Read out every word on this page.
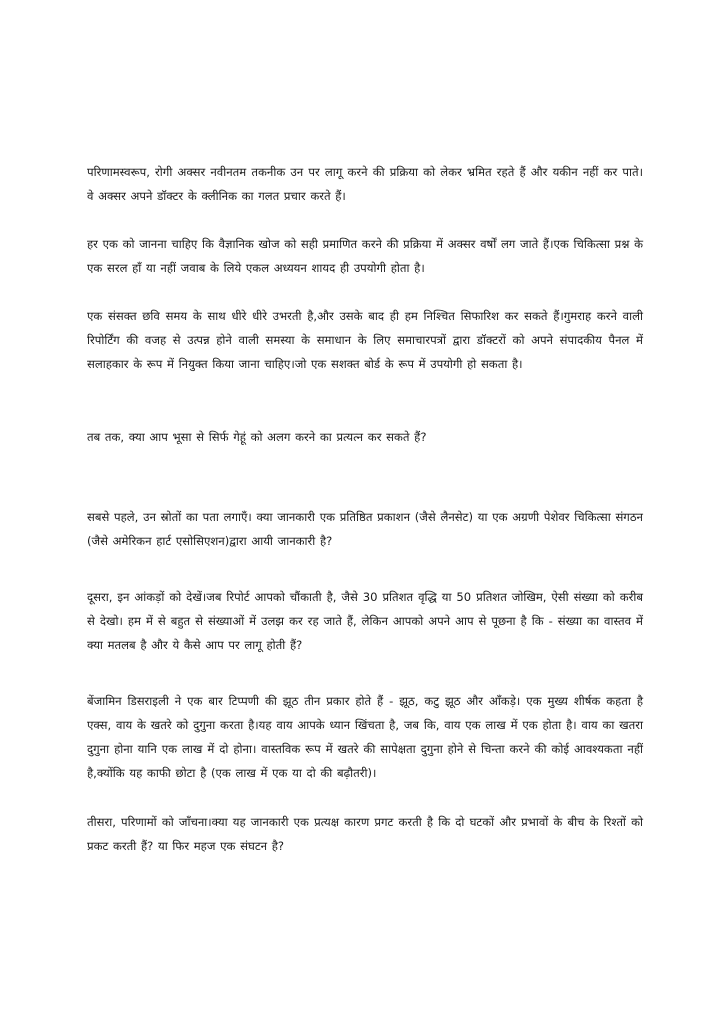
परिणामस्वरूप, रोगी अक्सर नवीनतम तकनीक उन पर लागू करने की प्रक्रिया को लेकर भ्रमित रहते हैं और यकीन नहीं कर पाते। वे अक्सर अपने डॉक्टर के क्लीनिक का गलत प्रचार करते हैं।

हर एक को जानना चाहिए कि वैज्ञानिक खोज को सही प्रमाणित करने की प्रक्रिया में अक्सर वर्षों लग जाते हैं।एक चिकित्सा प्रश्न के एक सरल हाँ या नहीं जवाब के लिये एकल अध्ययन शायद ही उपयोगी होता है।

एक संसक्त छवि समय के साथ धीरे धीरे उभरती है,और उसके बाद ही हम निश्चित सिफारिश कर सकते हैं।गुमराह करने वाली रिपोर्टिंग की वजह से उत्पन्न होने वाली समस्या के समाधान के लिए समाचारपत्रों द्वारा डॉक्टरों को अपने संपादकीय पैनल में सलाहकार के रूप में नियुक्त किया जाना चाहिए।जो एक सशक्त बोर्ड के रूप में उपयोगी हो सकता है।

तब तक, क्या आप भूसा से सिर्फ गेहूं को अलग करने का प्रत्यत्न कर सकते हैं?

सबसे पहले, उन स्रोतों का पता लगाएँ। क्या जानकारी एक प्रतिष्ठित प्रकाशन (जैसे लैनसेट) या एक अग्रणी पेशेवर चिकित्सा संगठन (जैसे अमेरिकन हार्ट एसोसिएशन)द्वारा आयी जानकारी है?

दूसरा, इन आंकड़ों को देखें।जब रिपोर्ट आपको चौंकाती है, जैसे 30 प्रतिशत वृद्धि या 50 प्रतिशत जोखिम, ऐसी संख्या को करीब से देखो। हम में से बहुत से संख्याओं में उलझ कर रह जाते हैं, लेकिन आपको अपने आप से पूछना है कि - संख्या का वास्तव में क्या मतलब है और ये कैसे आप पर लागू होती हैं?

बेंजामिन डिसराइली ने एक बार टिप्पणी की झूठ तीन प्रकार होते हैं - झूठ, कटु झूठ और आँकड़े। एक मुख्य शीर्षक कहता है एक्स, वाय के खतरे को दुगुना करता है।यह वाय आपके ध्यान खिंचता है, जब कि, वाय एक लाख में एक होता है। वाय का खतरा दुगुना होना यानि एक लाख में दो होना। वास्तविक रूप में खतरे की सापेक्षता दुगुना होने से चिन्ता करने की कोई आवश्यकता नहीं है,क्योंकि यह काफी छोटा है (एक लाख में एक या दो की बढ़ौतरी)।

तीसरा, परिणामों को जाँचना।क्या यह जानकारी एक प्रत्यक्ष कारण प्रगट करती है कि दो घटकों और प्रभावों के बीच के रिश्तों को प्रकट करती हैं? या फिर महज एक संघटन है?
